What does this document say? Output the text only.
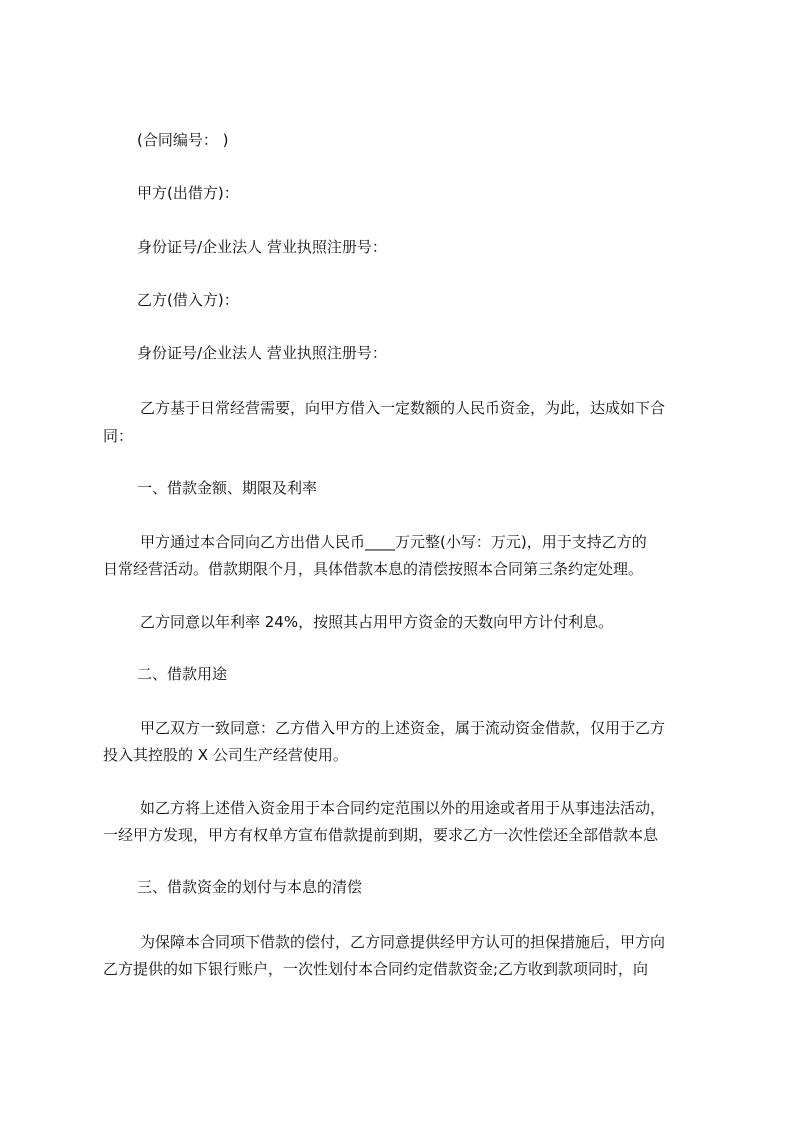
(合同编号： )

甲方(出借方)：

身份证号/企业法人 营业执照注册号：

乙方(借入方)：

身份证号/企业法人 营业执照注册号：

乙方基于日常经营需要，向甲方借入一定数额的人民币资金，为此，达成如下合

同：

一、借款金额、期限及利率

甲方通过本合同向乙方出借人民币____万元整(小写：万元)，用于支持乙方的

日常经营活动。借款期限个月，具体借款本息的清偿按照本合同第三条约定处理。

乙方同意以年利率 24%，按照其占用甲方资金的天数向甲方计付利息。

二、借款用途

甲乙双方一致同意：乙方借入甲方的上述资金，属于流动资金借款，仅用于乙方

投入其控股的 X 公司生产经营使用。

如乙方将上述借入资金用于本合同约定范围以外的用途或者用于从事违法活动，

一经甲方发现，甲方有权单方宣布借款提前到期，要求乙方一次性偿还全部借款本息

三、借款资金的划付与本息的清偿

为保障本合同项下借款的偿付，乙方同意提供经甲方认可的担保措施后，甲方向

乙方提供的如下银行账户，一次性划付本合同约定借款资金;乙方收到款项同时，向
